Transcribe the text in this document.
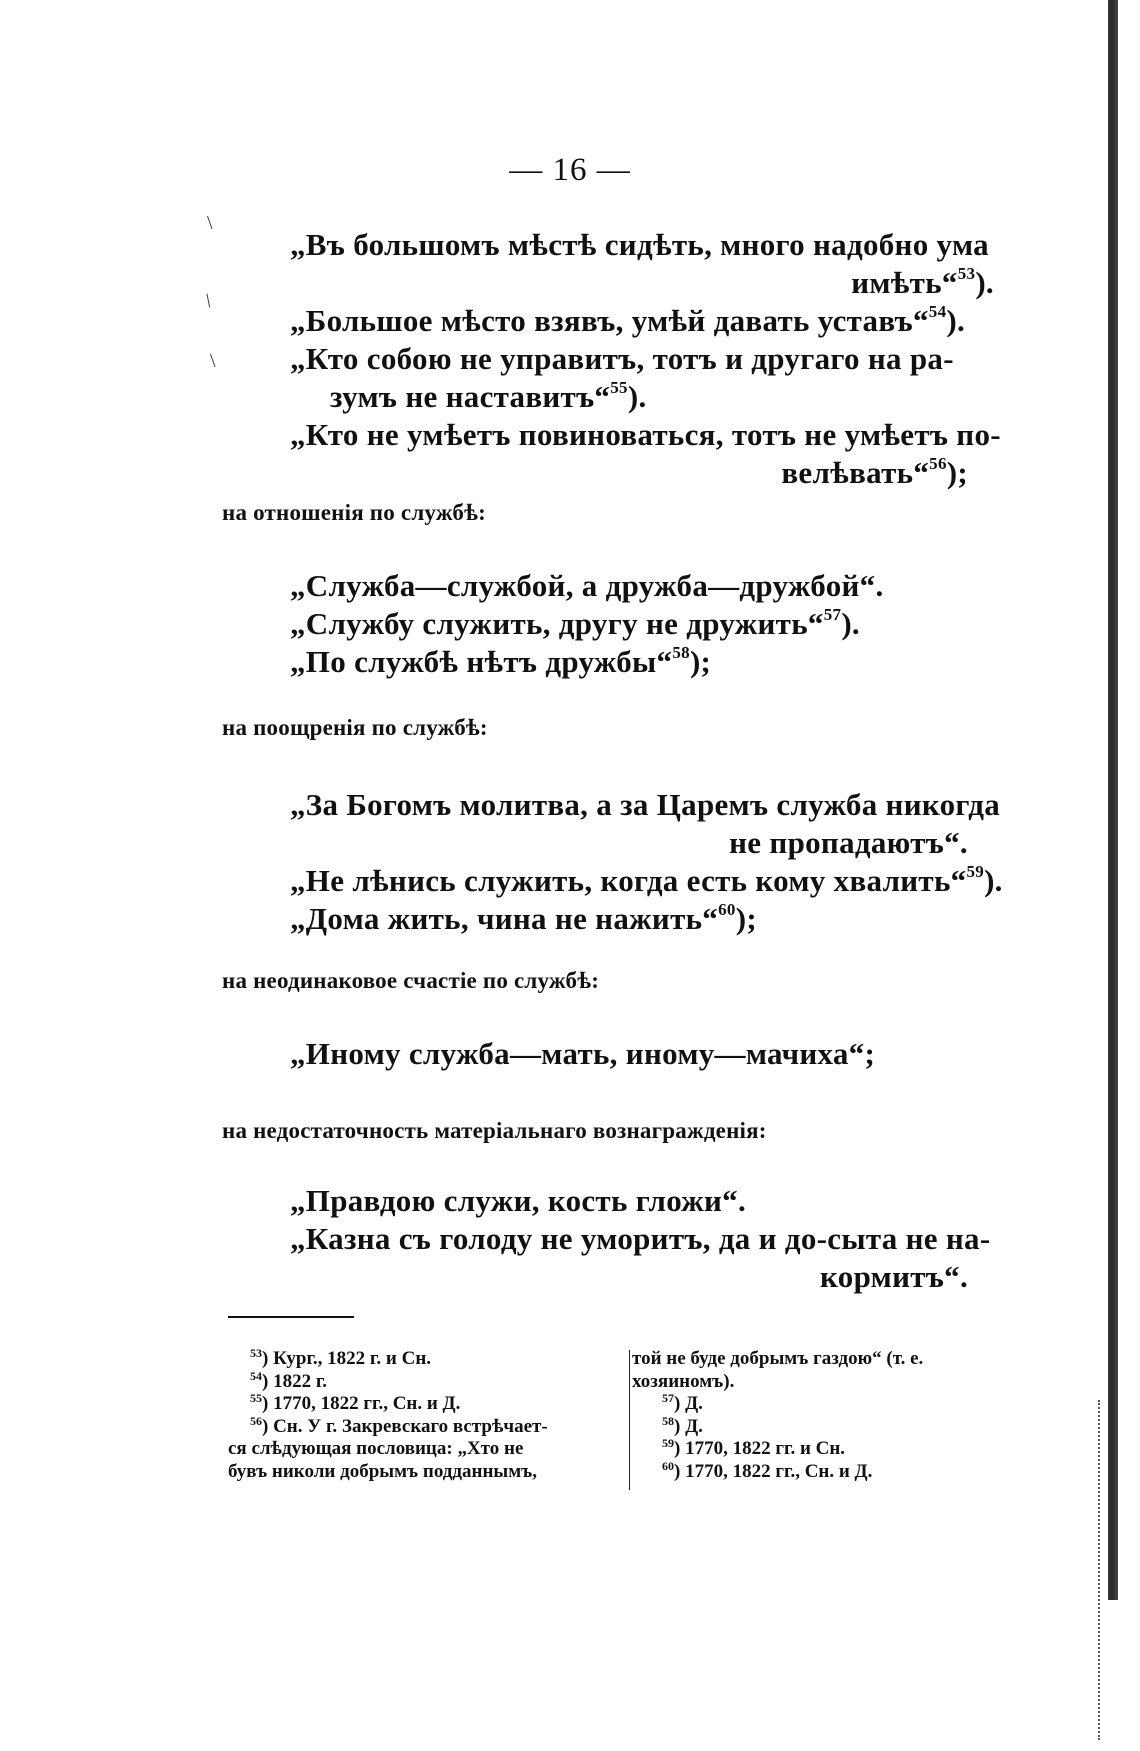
\
/
\
— 16 —
„Въ большомъ мѣстѣ сидѣть, много надобно ума
имѣть“$^{53}$).
„Большое мѣсто взявъ, умѣй давать уставъ“$^{54}$).
„Кто собою не управитъ, тотъ и другаго на ра-
зумъ не наставитъ“$^{55}$).
„Кто не умѣетъ повиноваться, тотъ не умѣетъ по-
велѣвать“$^{56}$);
на отношенія по службѣ:
„Служба—службой, а дружба—дружбой“.
„Службу служить, другу не дружить“$^{57}$).
„По службѣ нѣтъ дружбы“$^{58}$);
на поощренія по службѣ:
„За Богомъ молитва, а за Царемъ служба никогда
не пропадаютъ“.
„Не лѣнись служить, когда есть кому хвалить“$^{59}$).
„Дома жить, чина не нажить“$^{60}$);
на неодинаковое счастіе по службѣ:
„Иному служба—мать, иному—мачиха“;
на недостаточность матеріальнаго вознагражденія:
„Правдою служи, кость гложи“.
„Казна съ голоду не уморитъ, да и до-сыта не на-
кормитъ“.
$^{53}$) Кург., 1822 г. и Сн.
$^{54}$) 1822 г.
$^{55}$) 1770, 1822 гг., Сн. и Д.
$^{56}$) Сн. У г. Закревскаго встрѣчает-
ся слѣдующая пословица: „Хто не
бувъ николи добрымъ подданнымъ,
той не буде добрымъ газдою“ (т. е.
хозяиномъ).
$^{57}$) Д.
$^{58}$) Д.
$^{59}$) 1770, 1822 гг. и Сн.
$^{60}$) 1770, 1822 гг., Сн. и Д.
